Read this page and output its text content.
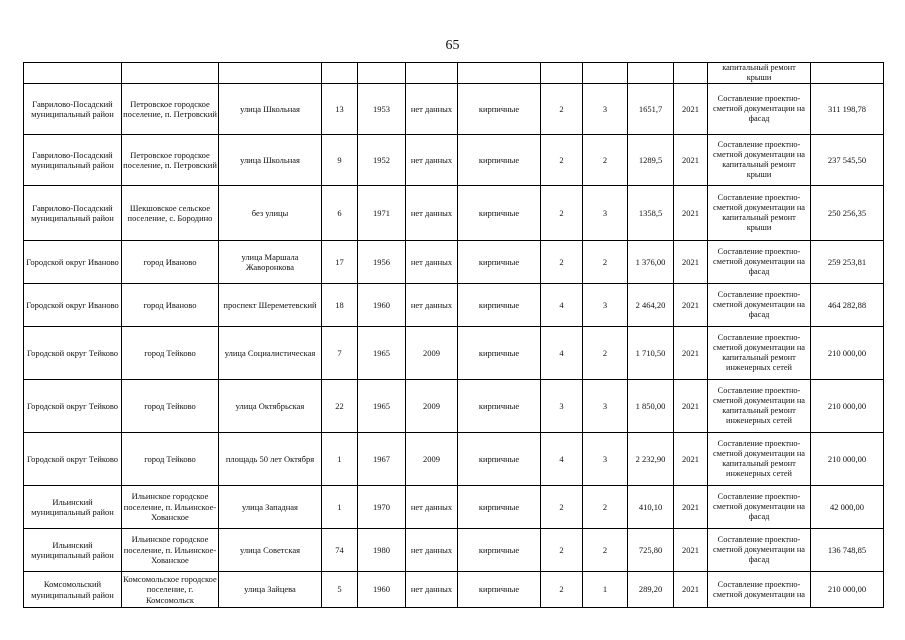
65
											капитальный ремонт крыши	
Гаврилово-Посадский муниципальный район	Петровское городское поселение, п. Петровский	улица Школьная	13	1953	нет данных	кирпичные	2	3	1651,7	2021	Составление проектно-сметной документации на фасад	311 198,78
Гаврилово-Посадский муниципальный район	Петровское городское поселение, п. Петровский	улица Школьная	9	1952	нет данных	кирпичные	2	2	1289,5	2021	Составление проектно-сметной документации на капитальный ремонт крыши	237 545,50
Гаврилово-Посадский муниципальный район	Шекшовское сельское поселение, с. Бородино	без улицы	6	1971	нет данных	кирпичные	2	3	1358,5	2021	Составление проектно-сметной документации на капитальный ремонт крыши	250 256,35
Городской округ Иваново	город Иваново	улица Маршала Жаворонкова	17	1956	нет данных	кирпичные	2	2	1 376,00	2021	Составление проектно-сметной документации на фасад	259 253,81
Городской округ Иваново	город Иваново	проспект Шереметевский	18	1960	нет данных	кирпичные	4	3	2 464,20	2021	Составление проектно-сметной документации на фасад	464 282,88
Городской округ Тейково	город Тейково	улица Социалистическая	7	1965	2009	кирпичные	4	2	1 710,50	2021	Составление проектно-сметной документации на капитальный ремонт инженерных сетей	210 000,00
Городской округ Тейково	город Тейково	улица Октябрьская	22	1965	2009	кирпичные	3	3	1 850,00	2021	Составление проектно-сметной документации на капитальный ремонт инженерных сетей	210 000,00
Городской округ Тейково	город Тейково	площадь 50 лет Октября	1	1967	2009	кирпичные	4	3	2 232,90	2021	Составление проектно-сметной документации на капитальный ремонт инженерных сетей	210 000,00
Ильинский муниципальный район	Ильинское городское поселение, п. Ильинское-Хованское	улица Западная	1	1970	нет данных	кирпичные	2	2	410,10	2021	Составление проектно-сметной документации на фасад	42 000,00
Ильинский муниципальный район	Ильинское городское поселение, п. Ильинское-Хованское	улица Советская	74	1980	нет данных	кирпичные	2	2	725,80	2021	Составление проектно-сметной документации на фасад	136 748,85
Комсомольский муниципальный район	Комсомольское городское поселение, г. Комсомольск	улица Зайцева	5	1960	нет данных	кирпичные	2	1	289,20	2021	Составление проектно-сметной документации на	210 000,00
